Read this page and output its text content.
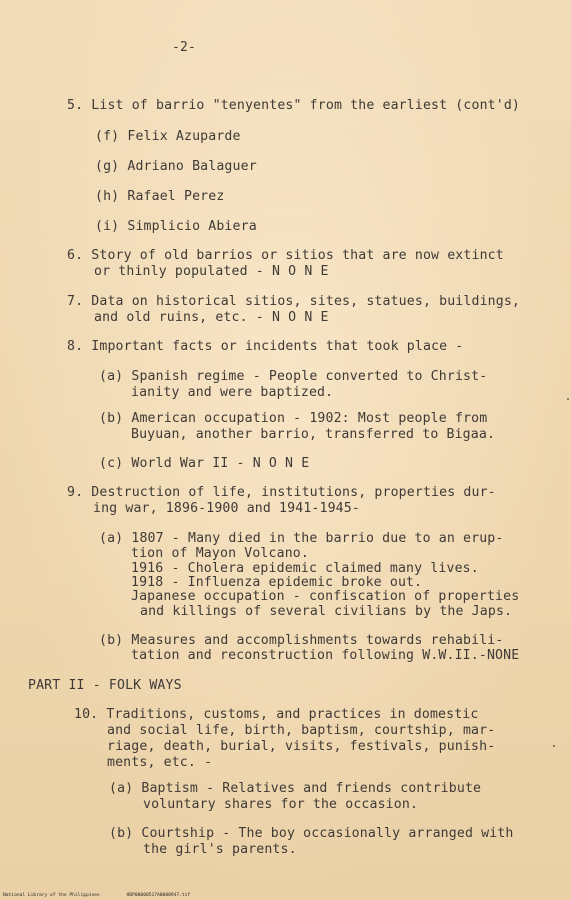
-2-
5. List of barrio "tenyentes" from the earliest (cont'd)
(f) Felix Azuparde
(g) Adriano Balaguer
(h) Rafael Perez
(i) Simplicio Abiera
6. Story of old barrios or sitios that are now extinct
or thinly populated - N O N E
7. Data on historical sitios, sites, statues, buildings,
and old ruins, etc. - N O N E
8. Important facts or incidents that took place -
(a) Spanish regime - People converted to Christ-
ianity and were baptized.
(b) American occupation - 1902: Most people from
Buyuan, another barrio, transferred to Bigaa.
(c) World War II - N O N E
9. Destruction of life, institutions, properties dur-
ing war, 1896-1900 and 1941-1945-
(a) 1807 - Many died in the barrio due to an erup-
tion of Mayon Volcano.
1916 - Cholera epidemic claimed many lives.
1918 - Influenza epidemic broke out.
Japanese occupation - confiscation of properties
and killings of several civilians by the Japs.
(b) Measures and accomplishments towards rehabili-
tation and reconstruction following W.W.II.-NONE
PART II - FOLK WAYS
10. Traditions, customs, and practices in domestic
and social life, birth, baptism, courtship, mar-
riage, death, burial, visits, festivals, punish-
ments, etc. -
(a) Baptism - Relatives and friends contribute
voluntary shares for the occasion.
(b) Courtship - The boy occasionally arranged with
the girl's parents.
National Library of the Philippines	HDP00000517A0000947.tif
